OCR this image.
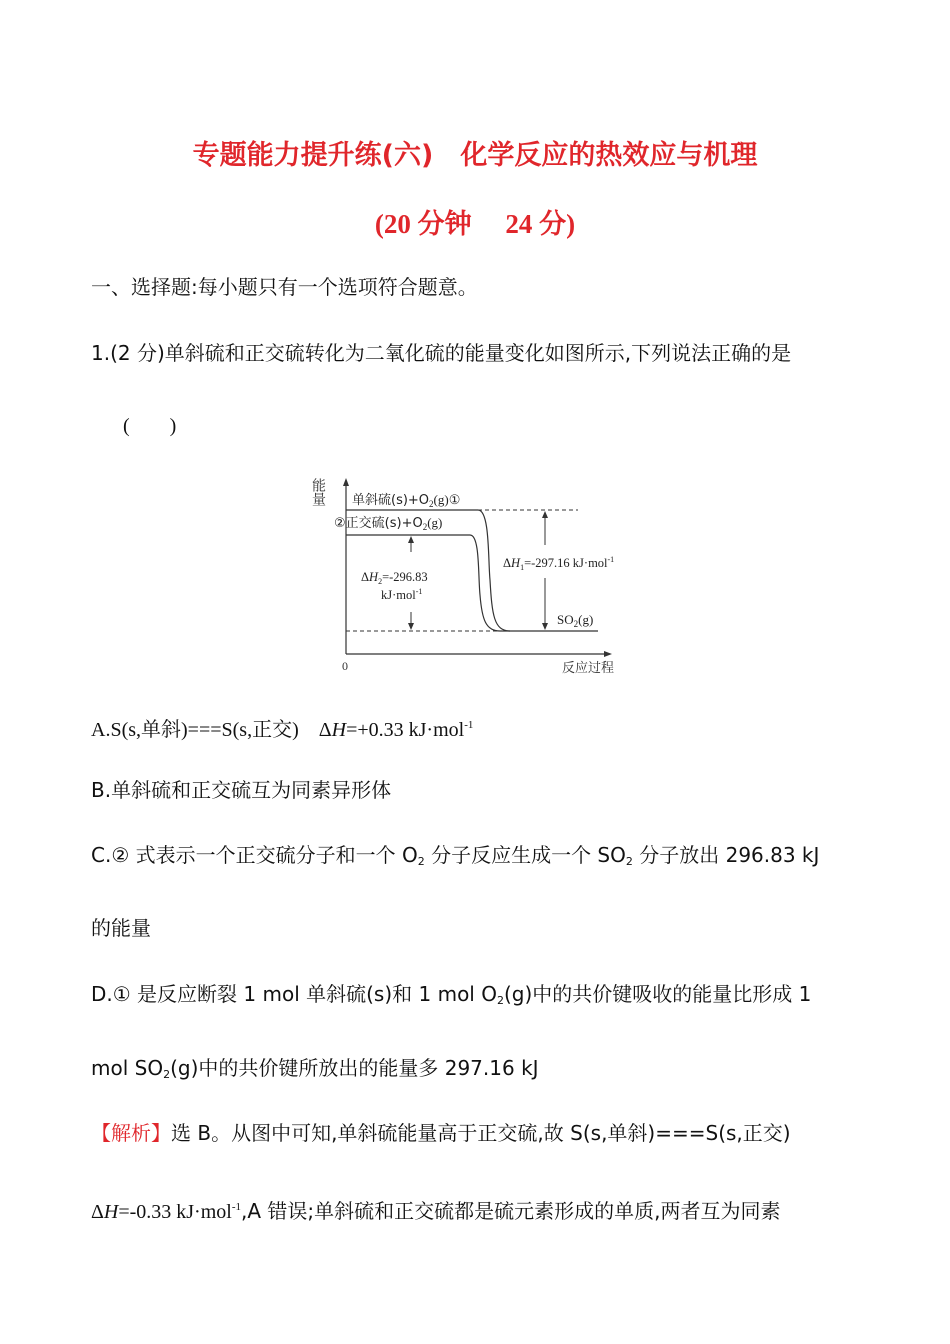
专题能力提升练(六)　化学反应的热效应与机理
(20 分钟　 24 分)
一、选择题:每小题只有一个选项符合题意。
1.(2 分)单斜硫和正交硫转化为二氧化硫的能量变化如图所示,下列说法正确的是
(　　)
能量
0	反应过程
单斜硫$(s)+O_2(g)①$
②正交硫$(s)+O_2(g)$
$SO_2(g)$
$\Delta H_1=-297.16$ kJ·mol$^{-1}$
$\Delta H_2=-296.83$
kJ·mol$^{-1}$
A.S(s,单斜)===S(s,正交)　ΔH=+0.33 kJ·mol$^{-1}$
B.单斜硫和正交硫互为同素异形体
C.② 式表示一个正交硫分子和一个 $O_2$ 分子反应生成一个 $SO_2$ 分子放出 296.83 kJ
的能量
D.① 是反应断裂 1 mol 单斜硫(s)和 1 mol $O_2(g)$中的共价键吸收的能量比形成 1
mol $SO_2(g)$中的共价键所放出的能量多 297.16 kJ
【解析】选 B。从图中可知,单斜硫能量高于正交硫,故 S(s,单斜)===S(s,正交)
ΔH=-0.33 kJ·mol$^{-1}$,A 错误;单斜硫和正交硫都是硫元素形成的单质,两者互为同素
